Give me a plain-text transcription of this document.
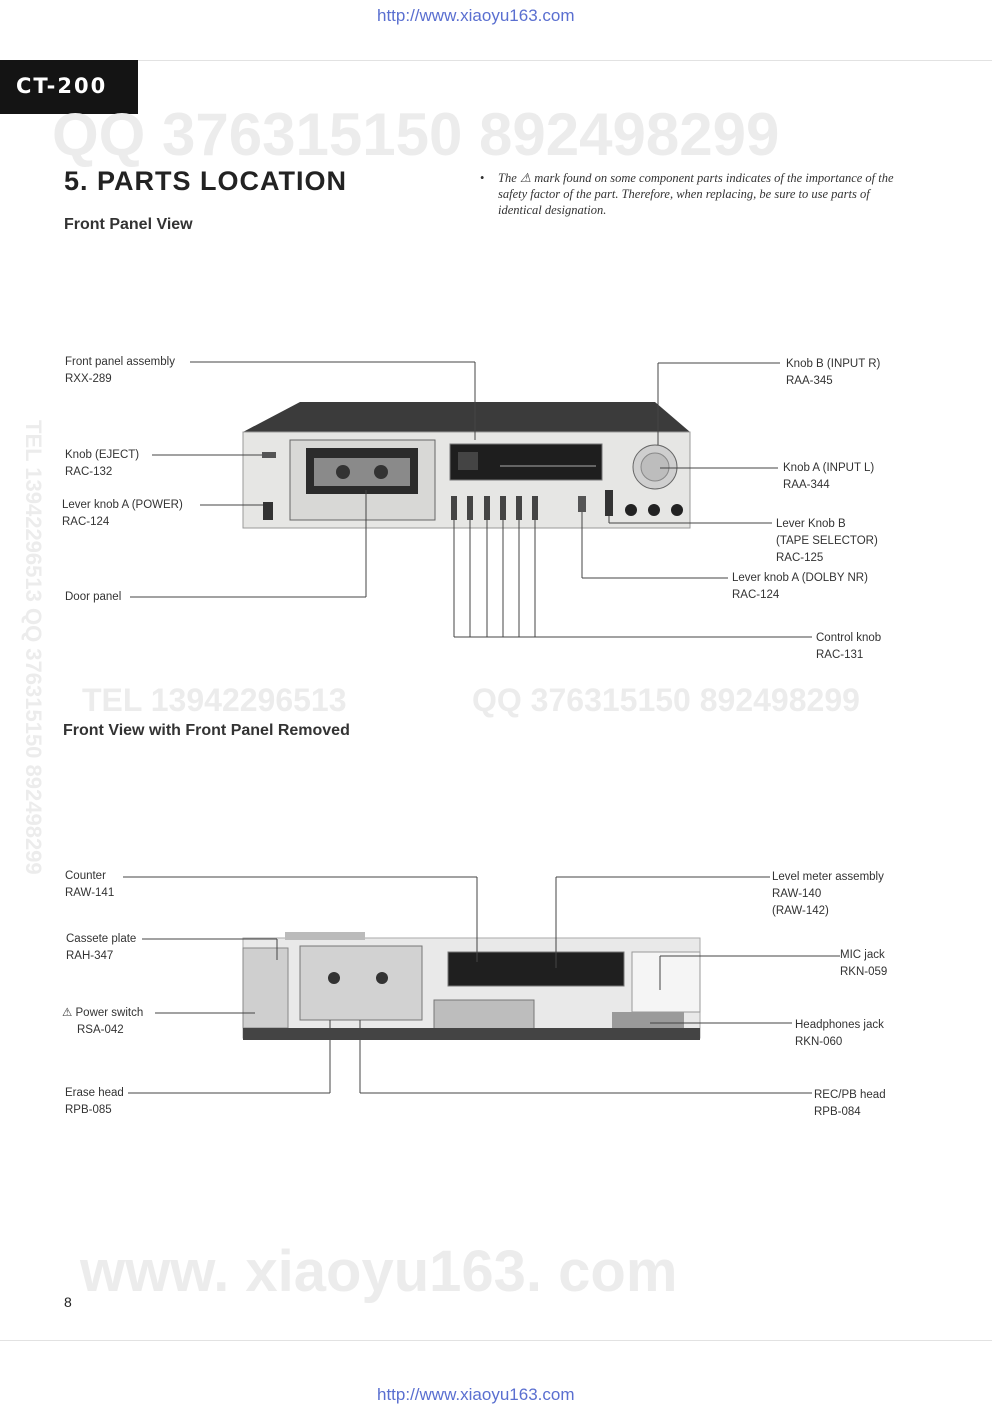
http://www.xiaoyu163.com
CT-200
QQ 376315150 892498299
TEL 13942296513	QQ 376315150 892498299
www. xiaoyu163. com
TEL 13942296513 QQ 376315150 892498299
5. PARTS LOCATION
Front Panel View
• The ⚠ mark found on some component parts indicates of the importance of the safety factor of the part. Therefore, when replacing, be sure to use parts of identical designation.
Front panel assembly
RXX-289
Knob (EJECT)
RAC-132
Lever knob A (POWER)
RAC-124
Door panel
Knob B (INPUT R)
RAA-345
Knob A (INPUT L)
RAA-344
Lever Knob B
(TAPE SELECTOR)
RAC-125
Lever knob A (DOLBY NR)
RAC-124
Control knob
RAC-131
Front View with Front Panel Removed
Counter
RAW-141
Cassete plate
RAH-347
⚠ Power switch
RSA-042
Erase head
RPB-085
Level meter assembly
RAW-140
(RAW-142)
MIC jack
RKN-059
Headphones jack
RKN-060
REC/PB head
RPB-084
8
http://www.xiaoyu163.com
